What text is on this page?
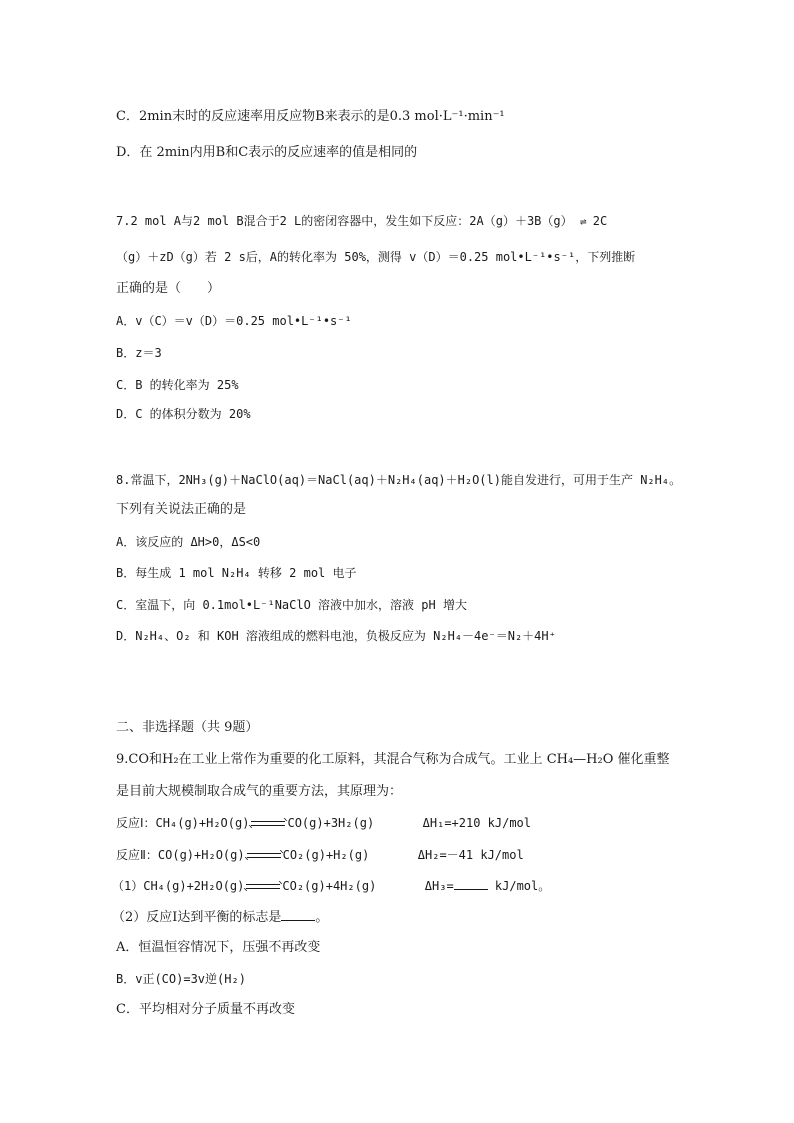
C．2min末时的反应速率用反应物B来表示的是0.3 mol·L⁻¹·min⁻¹
D．在 2min内用B和C表示的反应速率的值是相同的
7.2 mol A与2 mol B混合于2 L的密闭容器中，发生如下反应：2A（g）＋3B（g） ⇌ 2C
（g）＋zD（g）若 2 s后，A的转化率为 50%，测得 v（D）＝0.25 mol•L⁻¹•s⁻¹，下列推断
正确的是（　　）
A．v（C）＝v（D）＝0.25 mol•L⁻¹•s⁻¹
B．z＝3
C．B 的转化率为 25%
D．C 的体积分数为 20%
8.常温下，2NH₃(g)＋NaClO(aq)＝NaCl(aq)＋N₂H₄(aq)＋H₂O(l)能自发进行，可用于生产 N₂H₄。
下列有关说法正确的是
A．该反应的 ΔH>0，ΔS<0
B．每生成 1 mol N₂H₄ 转移 2 mol 电子
C．室温下，向 0.1mol•L⁻¹NaClO 溶液中加水，溶液 pH 增大
D．N₂H₄、O₂ 和 KOH 溶液组成的燃料电池，负极反应为 N₂H₄－4e⁻＝N₂＋4H⁺
二、非选择题（共 9题）
9.CO和H₂在工业上常作为重要的化工原料，其混合气称为合成气。工业上 CH₄—H₂O 催化重整
是目前大规模制取合成气的重要方法，其原理为：
反应Ⅰ：CH₄(g)+H₂O(g)	CO(g)+3H₂(g)	ΔH₁=+210 kJ/mol
反应Ⅱ：CO(g)+H₂O(g)	CO₂(g)+H₂(g)	ΔH₂=－41 kJ/mol
（1）CH₄(g)+2H₂O(g)	CO₂(g)+4H₂(g)	ΔH₃=	kJ/mol。
（2）反应Ⅰ达到平衡的标志是	。
A．恒温恒容情况下，压强不再改变
B．v正(CO)=3v逆(H₂)
C．平均相对分子质量不再改变
